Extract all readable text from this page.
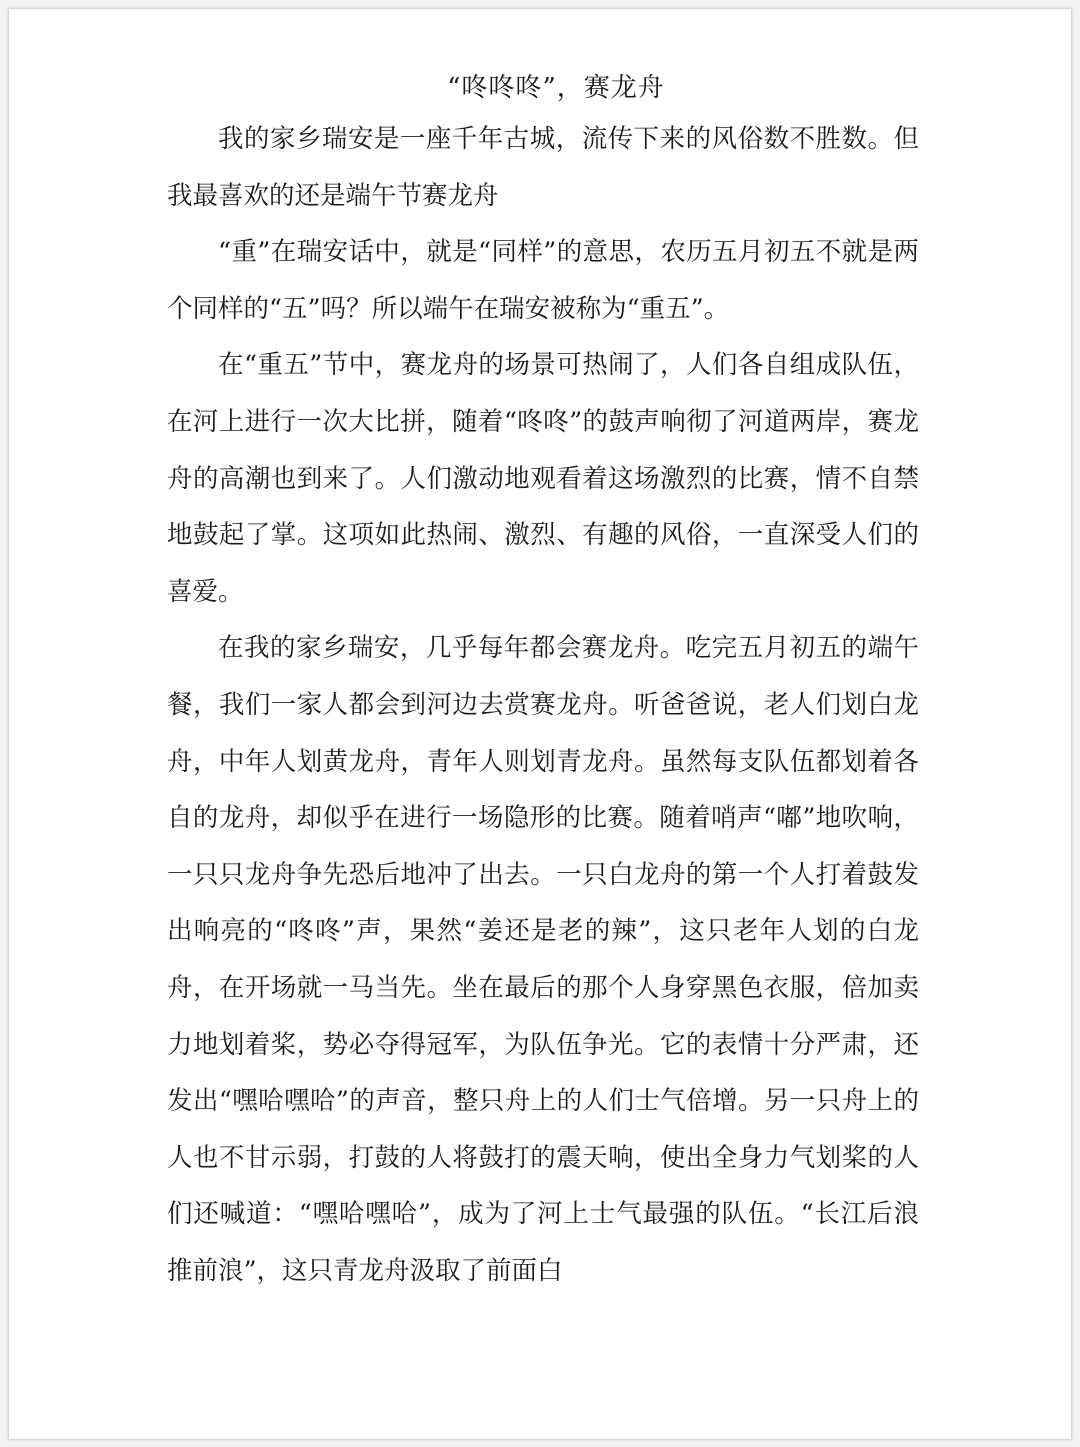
“咚咚咚”，赛龙舟

我的家乡瑞安是一座千年古城，流传下来的风俗数不胜数。但我最喜欢的还是端午节赛龙舟

“重”在瑞安话中，就是“同样”的意思，农历五月初五不就是两个同样的“五”吗？所以端午在瑞安被称为“重五”。

在“重五”节中，赛龙舟的场景可热闹了，人们各自组成队伍，在河上进行一次大比拼，随着“咚咚”的鼓声响彻了河道两岸，赛龙舟的高潮也到来了。人们激动地观看着这场激烈的比赛，情不自禁地鼓起了掌。这项如此热闹、激烈、有趣的风俗，一直深受人们的喜爱。

在我的家乡瑞安，几乎每年都会赛龙舟。吃完五月初五的端午餐，我们一家人都会到河边去赏赛龙舟。听爸爸说，老人们划白龙舟，中年人划黄龙舟，青年人则划青龙舟。虽然每支队伍都划着各自的龙舟，却似乎在进行一场隐形的比赛。随着哨声“嘟”地吹响，一只只龙舟争先恐后地冲了出去。一只白龙舟的第一个人打着鼓发出响亮的“咚咚”声，果然“姜还是老的辣”，这只老年人划的白龙舟，在开场就一马当先。坐在最后的那个人身穿黑色衣服，倍加卖力地划着桨，势必夺得冠军，为队伍争光。它的表情十分严肃，还发出“嘿哈嘿哈”的声音，整只舟上的人们士气倍增。另一只舟上的人也不甘示弱，打鼓的人将鼓打的震天响，使出全身力气划桨的人们还喊道：“嘿哈嘿哈”，成为了河上士气最强的队伍。“长江后浪推前浪”，这只青龙舟汲取了前面白
